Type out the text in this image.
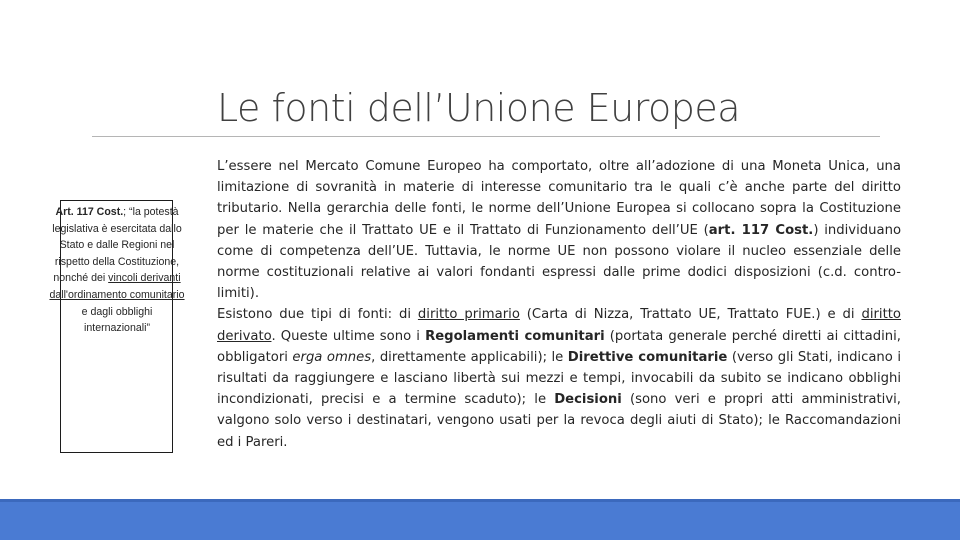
Le fonti dell’Unione Europea
Art. 117 Cost.; “la potestà legislativa è esercitata dallo Stato e dalle Regioni nel rispetto della Costituzione, nonché dei vincoli derivanti dall'ordinamento comunitario e dagli obblighi internazionali”

L’essere nel Mercato Comune Europeo ha comportato, oltre all’adozione di una Moneta Unica, una limitazione di sovranità in materie di interesse comunitario tra le quali c’è anche parte del diritto tributario. Nella gerarchia delle fonti, le norme dell’Unione Europea si collocano sopra la Costituzione per le materie che il Trattato UE e il Trattato di Funzionamento dell’UE (art. 117 Cost.) individuano come di competenza dell’UE. Tuttavia, le norme UE non possono violare il nucleo essenziale delle norme costituzionali relative ai valori fondanti espressi dalle prime dodici disposizioni (c.d. contro-limiti).

Esistono due tipi di fonti: di diritto primario (Carta di Nizza, Trattato UE, Trattato FUE.) e di diritto derivato. Queste ultime sono i Regolamenti comunitari (portata generale perché diretti ai cittadini, obbligatori erga omnes, direttamente applicabili); le Direttive comunitarie (verso gli Stati, indicano i risultati da raggiungere e lasciano libertà sui mezzi e tempi, invocabili da subito se indicano obblighi incondizionati, precisi e a termine scaduto); le Decisioni (sono veri e propri atti amministrativi, valgono solo verso i destinatari, vengono usati per la revoca degli aiuti di Stato); le Raccomandazioni ed i Pareri.
